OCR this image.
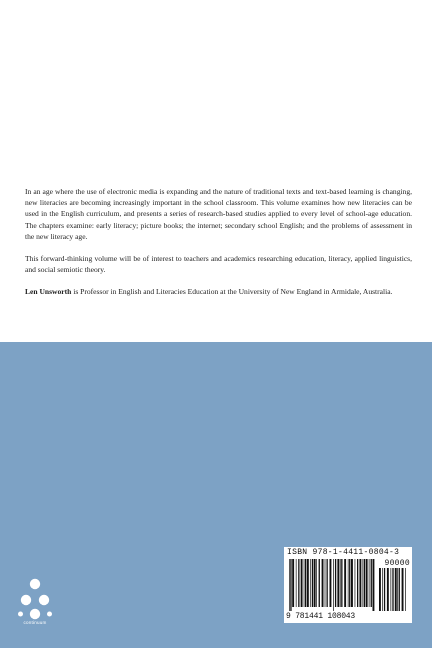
In an age where the use of electronic media is expanding and the nature of traditional texts and text-based learning is changing, new literacies are becoming increasingly important in the school classroom. This volume examines how new literacies can be used in the English curriculum, and presents a series of research-based studies applied to every level of school-age education. The chapters examine: early literacy; picture books; the internet; secondary school English; and the problems of assessment in the new literacy age.

This forward-thinking volume will be of interest to teachers and academics researching education, literacy, applied linguistics, and social semiotic theory.

Len Unsworth is Professor in English and Literacies Education at the University of New England in Armidale, Australia.

continuum
ISBN 978-1-4411-0804-3
90000
9 781441 108043
